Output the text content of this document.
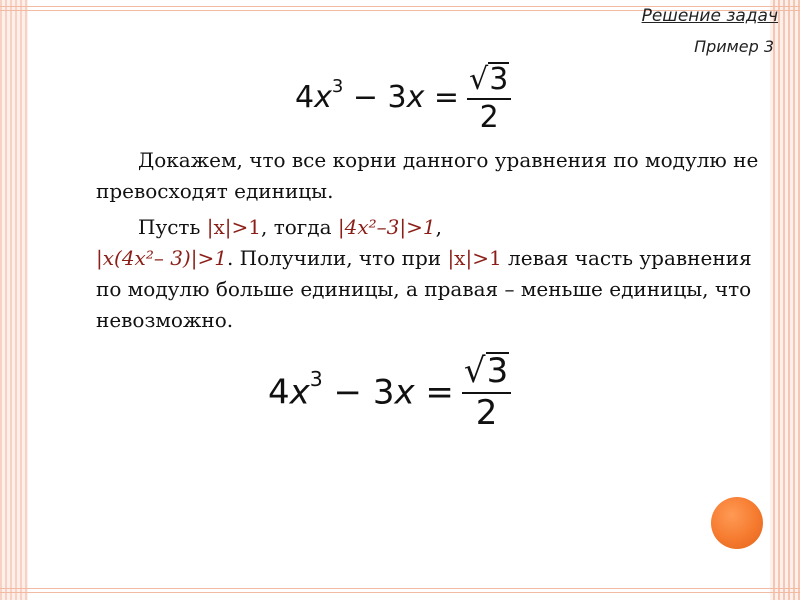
Решение задач
Пример 3
$4x^3 - 3x = \frac{√ 3}{2}$
Докажем, что все корни данного уравнения по модулю не превосходят единицы.
Пусть |x|>1, тогда |4x²–3|>1,
|x(4x²– 3)|>1. Получили, что при |x|>1 левая часть уравнения по модулю больше единицы, а правая – меньше единицы, что невозможно.
$4x^3 - 3x = \frac{√ 3}{2}$
